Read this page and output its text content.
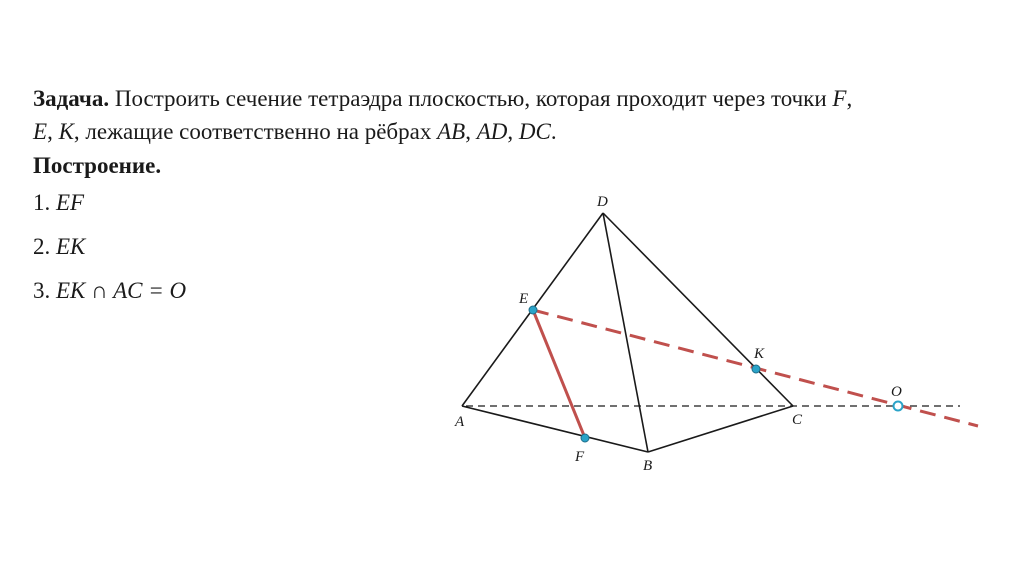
Задача. Построить сечение тетраэдра плоскостью, которая проходит через точки F,
E, K, лежащие соответственно на рёбрах AB, AD, DC.

Построение.
1. EF
2. EK
3. EK ∩ AC = O
D
E
K
O
A	C
F
B
